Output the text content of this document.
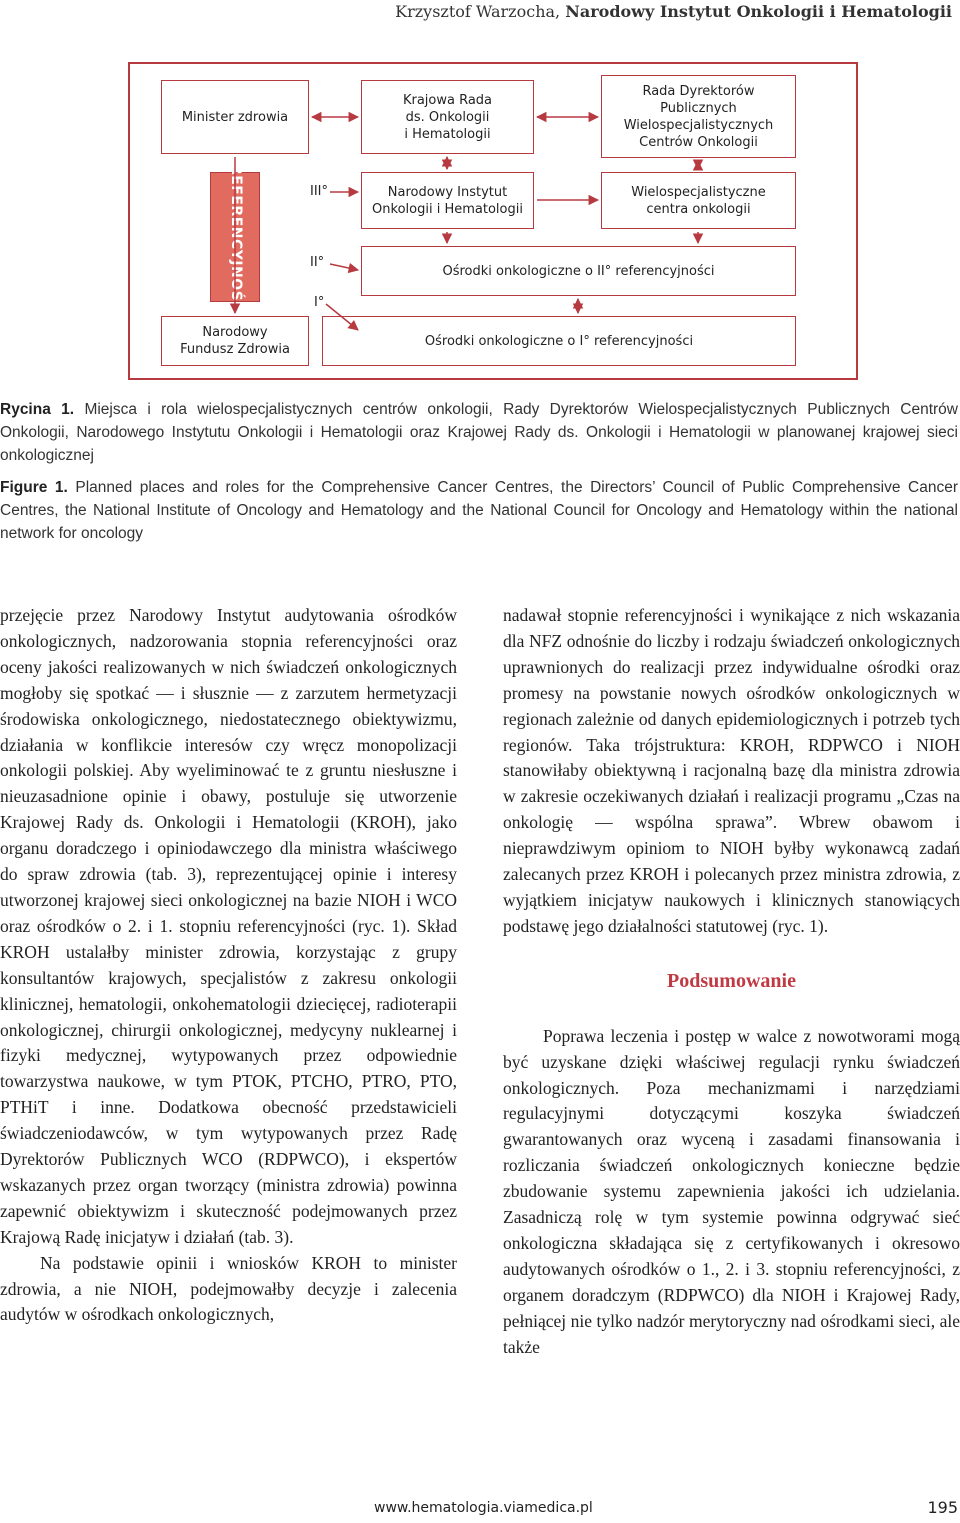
Krzysztof Warzocha, Narodowy Instytut Onkologii i Hematologii
Minister zdrowia
Krajowa Rada
ds. Onkologii
i Hematologii
Rada Dyrektorów
Publicznych
Wielospecjalistycznych
Centrów Onkologii
REFERENCYJNOŚĆ	III°
II°
I°
Narodowy Instytut
Onkologii i Hematologii
Wielospecjalistyczne
centra onkologii
Ośrodki onkologiczne o II° referencyjności
Narodowy
Fundusz Zdrowia
Ośrodki onkologiczne o I° referencyjności
Rycina 1. Miejsca i rola wielospecjalistycznych centrów onkologii, Rady Dyrektorów Wielospecjalistycznych Publicznych Centrów Onkologii, Narodowego Instytutu Onkologii i Hematologii oraz Krajowej Rady ds. Onkologii i Hematologii w planowanej krajowej sieci onkologicznej
Figure 1. Planned places and roles for the Comprehensive Cancer Centres, the Directors’ Council of Public Comprehensive Cancer Centres, the National Institute of Oncology and Hematology and the National Council for Oncology and Hematology within the national network for oncology

przejęcie przez Narodowy Instytut audytowania ośrodków onkologicznych, nadzorowania stopnia referencyjności oraz oceny jakości realizowanych w nich świadczeń onkologicznych mogłoby się spotkać — i słusznie — z zarzutem hermetyzacji środowiska onkologicznego, niedostatecznego obiektywizmu, działania w konflikcie interesów czy wręcz monopolizacji onkologii polskiej. Aby wyeliminować te z gruntu niesłuszne i nieuzasadnione opinie i obawy, postuluje się utworzenie Krajowej Rady ds. Onkologii i Hematologii (KROH), jako organu doradczego i opiniodawczego dla ministra właściwego do spraw zdrowia (tab. 3), reprezentującej opinie i interesy utworzonej krajowej sieci onkologicznej na bazie NIOH i WCO oraz ośrodków o 2. i 1. stopniu referencyjności (ryc. 1). Skład KROH ustalałby minister zdrowia, korzystając z grupy konsultantów krajowych, specjalistów z zakresu onkologii klinicznej, hematologii, onkohematologii dziecięcej, radioterapii onkologicznej, chirurgii onkologicznej, medycyny nuklearnej i fizyki medycznej, wytypowanych przez odpowiednie towarzystwa naukowe, w tym PTOK, PTCHO, PTRO, PTO, PTHiT i inne. Dodatkowa obecność przedstawicieli świadczeniodawców, w tym wytypowanych przez Radę Dyrektorów Publicznych WCO (RDPWCO), i ekspertów wskazanych przez organ tworzący (ministra zdrowia) powinna zapewnić obiektywizm i skuteczność podejmowanych przez Krajową Radę inicjatyw i działań (tab. 3).

Na podstawie opinii i wniosków KROH to minister zdrowia, a nie NIOH, podejmowałby decyzje i zalecenia audytów w ośrodkach onkologicznych,

nadawał stopnie referencyjności i wynikające z nich wskazania dla NFZ odnośnie do liczby i rodzaju świadczeń onkologicznych uprawnionych do realizacji przez indywidualne ośrodki oraz promesy na powstanie nowych ośrodków onkologicznych w regionach zależnie od danych epidemiologicznych i potrzeb tych regionów. Taka trójstruktura: KROH, RDPWCO i NIOH stanowiłaby obiektywną i racjonalną bazę dla ministra zdrowia w zakresie oczekiwanych działań i realizacji programu „Czas na onkologię — wspólna sprawa”. Wbrew obawom i nieprawdziwym opiniom to NIOH byłby wykonawcą zadań zalecanych przez KROH i polecanych przez ministra zdrowia, z wyjątkiem inicjatyw naukowych i klinicznych stanowiących podstawę jego działalności statutowej (ryc. 1).

Podsumowanie

Poprawa leczenia i postęp w walce z nowotworami mogą być uzyskane dzięki właściwej regulacji rynku świadczeń onkologicznych. Poza mechanizmami i narzędziami regulacyjnymi dotyczącymi koszyka świadczeń gwarantowanych oraz wyceną i zasadami finansowania i rozliczania świadczeń onkologicznych konieczne będzie zbudowanie systemu zapewnienia jakości ich udzielania. Zasadniczą rolę w tym systemie powinna odgrywać sieć onkologiczna składająca się z certyfikowanych i okresowo audytowanych ośrodków o 1., 2. i 3. stopniu referencyjności, z organem doradczym (RDPWCO) dla NIOH i Krajowej Rady, pełniącej nie tylko nadzór merytoryczny nad ośrodkami sieci, ale także

www.hematologia.viamedica.pl	195
